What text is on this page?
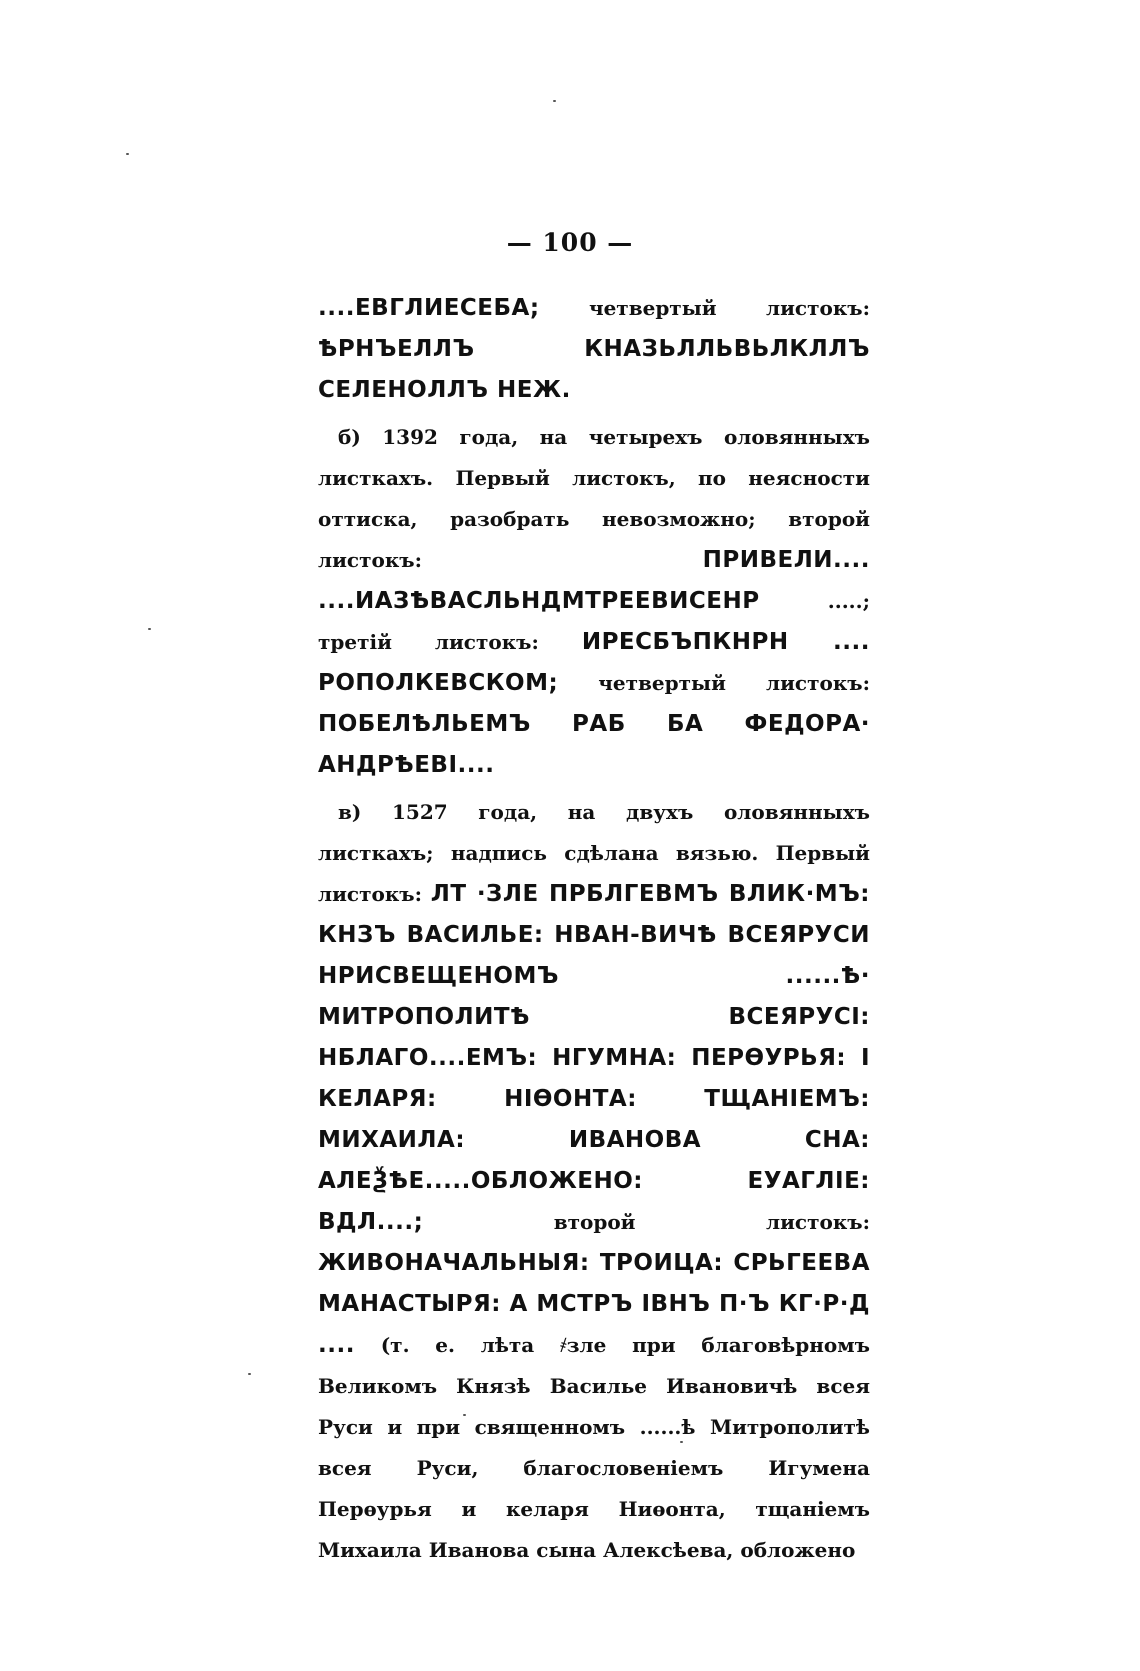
— 100 —

....ЕВГЛИЕСЕБА; четвертый листокъ: ѢРНЪЕЛЛЪ КНАЗЬЛЛЬВЬЛКЛЛЪ СЕЛЕНОЛЛЪ НЕЖ.

б) 1392 года, на четырехъ оловянныхъ листкахъ. Первый листокъ, по неясности оттиска, разобрать невозможно; второй листокъ: ПРИВЕЛИ.... ....ИАЗѢВАСЛЬНДМТРЕЕВИСЕНР .....; третій листокъ: ИРЕСБЪПКНРН .... РОПОЛКЕВСКОМ; четвертый листокъ: ПОБЕЛѢЛЬЕМЪ РАБ БА ФЕДОРА· АНДРѢЕВІ....

в) 1527 года, на двухъ оловянныхъ листкахъ; надпись сдѣлана вязью. Первый листокъ: ЛТ ·ЗЛЕ ПРБЛГЕВМЪ ВЛИК·МЪ: КНЗЪ ВАСИЛЬЕ: НВАН-ВИЧѢ ВСЕЯРУСИ НРИСВЕЩЕНОМЪ ......Ѣ· МИТРОПОЛИТѢ ВСЕЯРУСІ: НБЛАГО....ЕМЪ: НГУМНА: ПЕРѲУРЬЯ: І КЕЛАРЯ: НІѲОНТА: ТЩАНІЕМЪ: МИХАИЛА: ИВАНОВА СНА: АЛЕѮѢЕ.....ОБЛОЖЕНО: ЕУАГЛІЕ: ВДЛ....; второй листокъ: ЖИВОНАЧАЛЬНЫЯ: ТРОИЦА: СРЬГЕЕВА МАНАСТЫРЯ: А МСТРЪ ІВНЪ П·Ъ КГ·Р·Д .... (т. е. лѣта ҂зле при благовѣрномъ Великомъ Князѣ Василье Ивановичѣ всея Руси и при священномъ ......ѣ Митрополитѣ всея Руси, благословеніемъ Игумена Перѳурья и келаря Ниѳонта, тщаніемъ Михаила Иванова сына Алексѣева, обложено
